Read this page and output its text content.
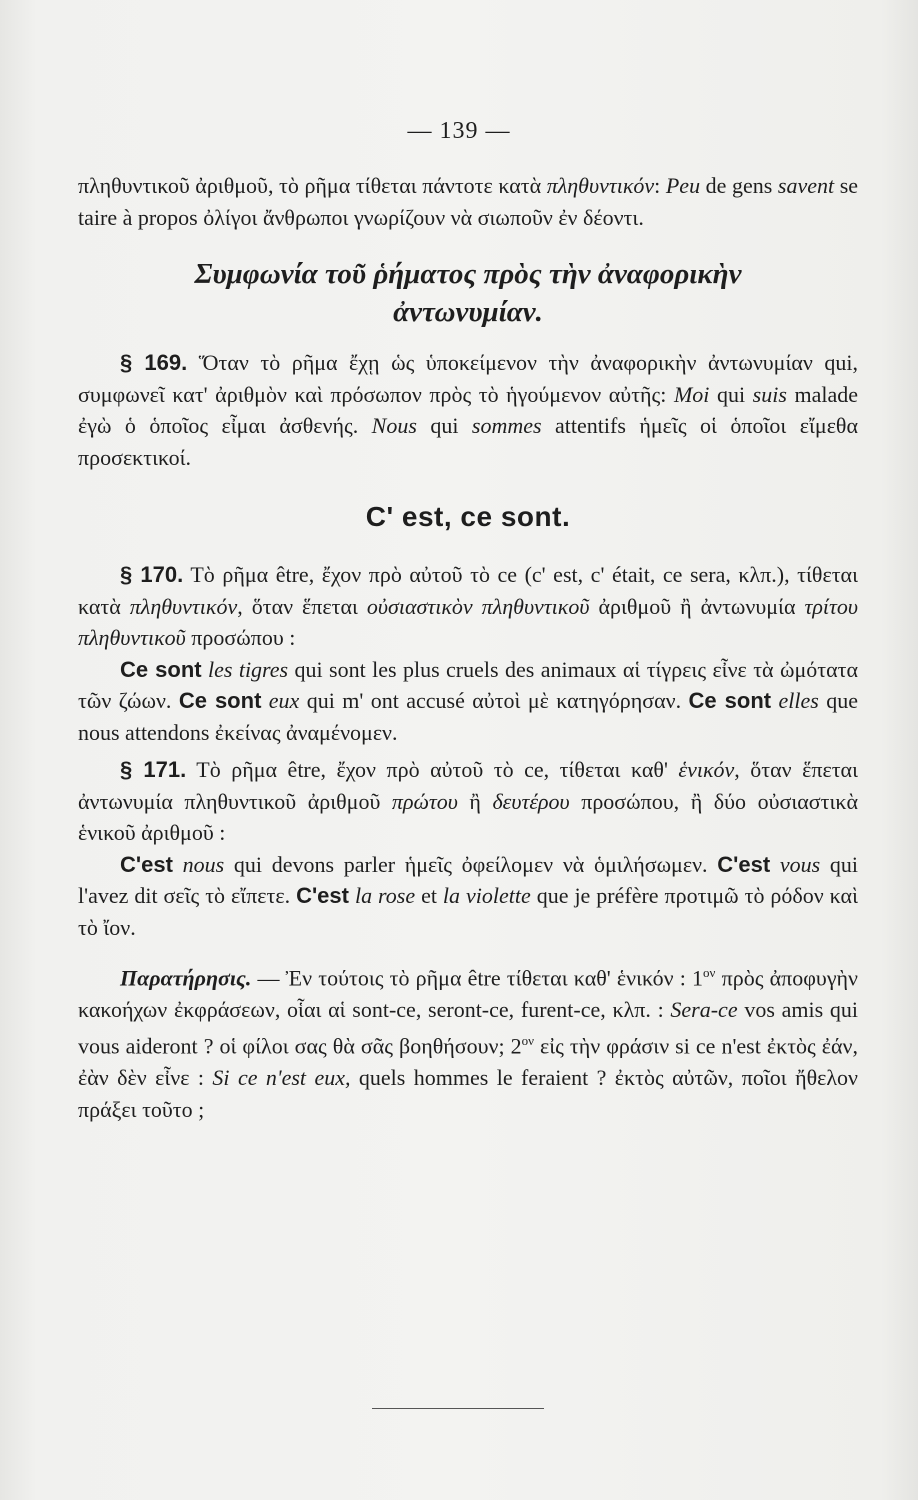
— 139 —

πληθυντικοῦ ἀριθμοῦ, τὸ ρῆμα τίθεται πάντοτε κατὰ πληθυντικόν: Peu de gens savent se taire à propos ὀλίγοι ἄνθρωποι γνωρίζουν νὰ σιωποῦν ἐν δέοντι.

Συμφωνία τοῦ ῥήματος πρὸς τὴν ἀναφορικὴν
ἀντωνυμίαν.

§ 169. Ὅταν τὸ ρῆμα ἔχῃ ὡς ὑποκείμενον τὴν ἀναφορικὴν ἀντωνυμίαν qui, συμφωνεῖ κατ' ἀριθμὸν καὶ πρόσωπον πρὸς τὸ ἡγούμενον αὐτῆς: Moi qui suis malade ἐγὼ ὁ ὁποῖος εἶμαι ἀσθενής. Nous qui sommes attentifs ἡμεῖς οἱ ὁποῖοι εἴμεθα προσεκτικοί.

C' est, ce sont.

§ 170. Τὸ ρῆμα être, ἔχον πρὸ αὐτοῦ τὸ ce (c' est, c' était, ce sera, κλπ.), τίθεται κατὰ πληθυντικόν, ὅταν ἕπεται οὐσιαστικὸν πληθυντικοῦ ἀριθμοῦ ἢ ἀντωνυμία τρίτου πληθυντικοῦ προσώπου :

Ce sont les tigres qui sont les plus cruels des animaux αἱ τίγρεις εἶνε τὰ ὠμότατα τῶν ζώων. Ce sont eux qui m' ont accusé αὐτοὶ μὲ κατηγόρησαν. Ce sont elles que nous attendons ἐκείνας ἀναμένομεν.

§ 171. Τὸ ρῆμα être, ἔχον πρὸ αὐτοῦ τὸ ce, τίθεται καθ' ἑνικόν, ὅταν ἕπεται ἀντωνυμία πληθυντικοῦ ἀριθμοῦ πρώτου ἢ δευτέρου προσώπου, ἢ δύο οὐσιαστικὰ ἑνικοῦ ἀριθμοῦ :

C'est nous qui devons parler ἡμεῖς ὀφείλομεν νὰ ὁμιλήσωμεν. C'est vous qui l'avez dit σεῖς τὸ εἴπετε. C'est la rose et la violette que je préfère προτιμῶ τὸ ρόδον καὶ τὸ ἴον.

Παρατήρησις. — Ἐν τούτοις τὸ ρῆμα être τίθεται καθ' ἑνικόν : $1^{o\nu}$ πρὸς ἀποφυγὴν κακοήχων ἐκφράσεων, οἷαι αἱ sont-ce, seront-ce, furent-ce, κλπ. : Sera-ce vos amis qui vous aideront ? οἱ φίλοι σας θὰ σᾶς βοηθήσουν; $2^{o\nu}$ εἰς τὴν φράσιν si ce n'est ἐκτὸς ἐάν, ἐὰν δὲν εἶνε : Si ce n'est eux, quels hommes le feraient ? ἐκτὸς αὐτῶν, ποῖοι ἤθελον πράξει τοῦτο ;
